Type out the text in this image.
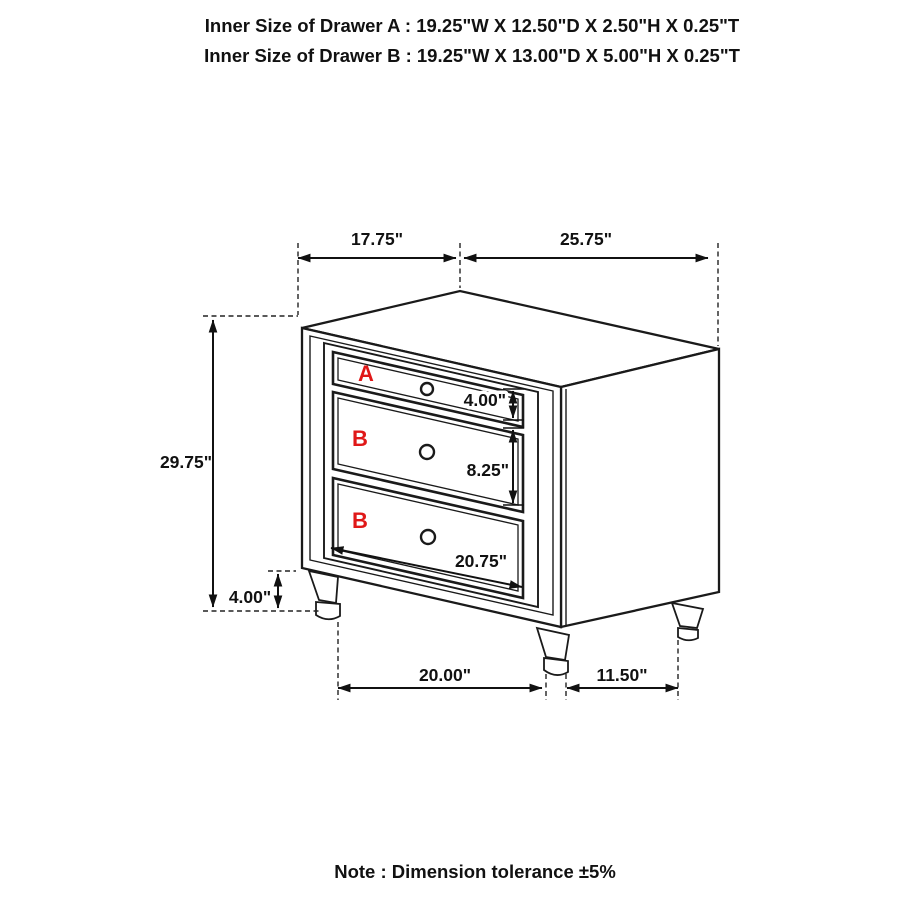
Inner Size of Drawer A : 19.25"W X 12.50"D X 2.50"H X 0.25"T
Inner Size of Drawer B : 19.25"W X 13.00"D X 5.00"H X 0.25"T
17.75"	25.75"
A
B
B
29.75"
4.00"
4.00"
8.25"
20.75"
20.00"	11.50"
Note : Dimension tolerance ±5%
